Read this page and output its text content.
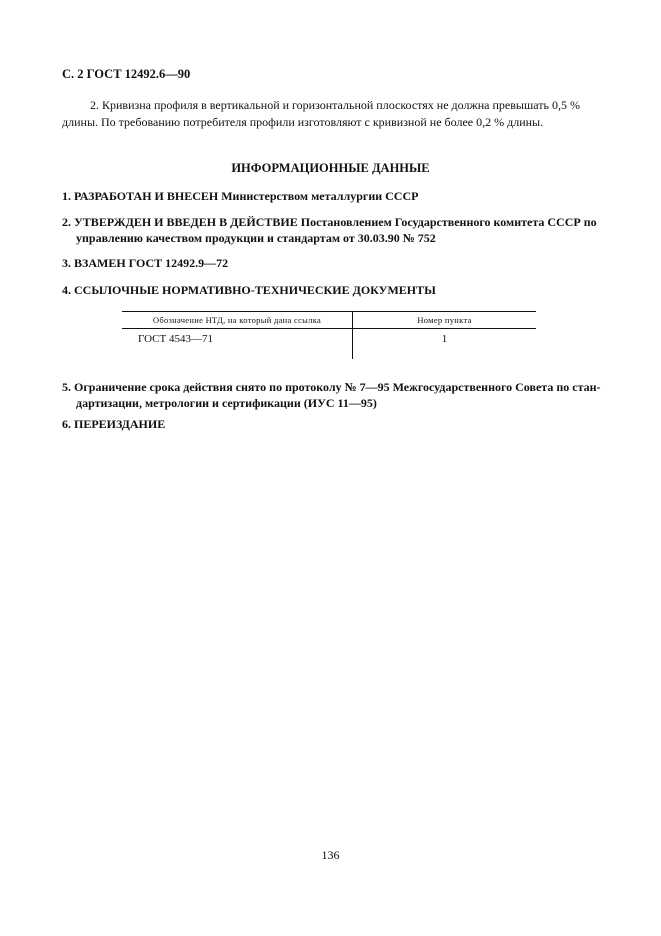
С. 2 ГОСТ 12492.6—90
2. Кривизна профиля в вертикальной и горизонтальной плоскостях не должна превышать 0,5 %
длины. По требованию потребителя профили изготовляют с кривизной не более 0,2 % длины.
ИНФОРМАЦИОННЫЕ ДАННЫЕ
1. РАЗРАБОТАН И ВНЕСЕН Министерством металлургии СССР
2. УТВЕРЖДЕН И ВВЕДЕН В ДЕЙСТВИЕ Постановлением Государственного комитета СССР по
управлению качеством продукции и стандартам от 30.03.90 № 752
3. ВЗАМЕН ГОСТ 12492.9—72
4. ССЫЛОЧНЫЕ НОРМАТИВНО-ТЕХНИЧЕСКИЕ ДОКУМЕНТЫ
Обозначение НТД, на который дана ссылка	Номер пункта
ГОСТ 4543—71	1
5. Ограничение срока действия снято по протоколу № 7—95 Межгосударственного Совета по стан-
дартизации, метрологии и сертификации (ИУС 11—95)
6. ПЕРЕИЗДАНИЕ
136
